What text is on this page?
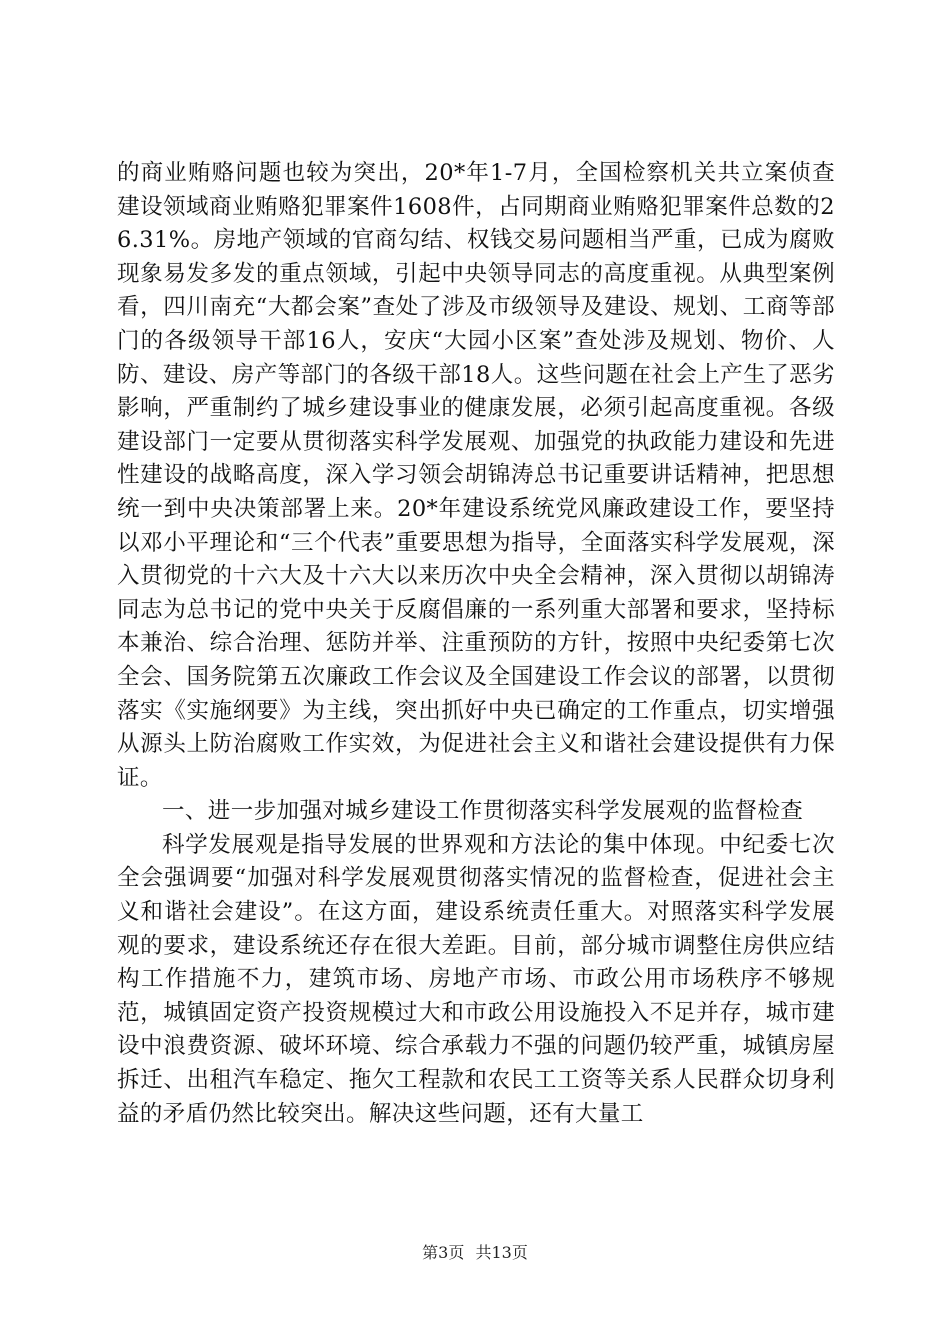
的商业贿赂问题也较为突出，20*年1-7月，全国检察机关共立案侦查建设领域商业贿赂犯罪案件1608件，占同期商业贿赂犯罪案件总数的26.31%。房地产领域的官商勾结、权钱交易问题相当严重，已成为腐败现象易发多发的重点领域，引起中央领导同志的高度重视。从典型案例看，四川南充“大都会案”查处了涉及市级领导及建设、规划、工商等部门的各级领导干部16人，安庆“大园小区案”查处涉及规划、物价、人防、建设、房产等部门的各级干部18人。这些问题在社会上产生了恶劣影响，严重制约了城乡建设事业的健康发展，必须引起高度重视。各级建设部门一定要从贯彻落实科学发展观、加强党的执政能力建设和先进性建设的战略高度，深入学习领会胡锦涛总书记重要讲话精神，把思想统一到中央决策部署上来。20*年建设系统党风廉政建设工作，要坚持以邓小平理论和“三个代表”重要思想为指导，全面落实科学发展观，深入贯彻党的十六大及十六大以来历次中央全会精神，深入贯彻以胡锦涛同志为总书记的党中央关于反腐倡廉的一系列重大部署和要求，坚持标本兼治、综合治理、惩防并举、注重预防的方针，按照中央纪委第七次全会、国务院第五次廉政工作会议及全国建设工作会议的部署，以贯彻落实《实施纲要》为主线，突出抓好中央已确定的工作重点，切实增强从源头上防治腐败工作实效，为促进社会主义和谐社会建设提供有力保证。

一、进一步加强对城乡建设工作贯彻落实科学发展观的监督检查

科学发展观是指导发展的世界观和方法论的集中体现。中纪委七次全会强调要“加强对科学发展观贯彻落实情况的监督检查，促进社会主义和谐社会建设”。在这方面，建设系统责任重大。对照落实科学发展观的要求，建设系统还存在很大差距。目前，部分城市调整住房供应结构工作措施不力，建筑市场、房地产市场、市政公用市场秩序不够规范，城镇固定资产投资规模过大和市政公用设施投入不足并存，城市建设中浪费资源、破坏环境、综合承载力不强的问题仍较严重，城镇房屋拆迁、出租汽车稳定、拖欠工程款和农民工工资等关系人民群众切身利益的矛盾仍然比较突出。解决这些问题，还有大量工

第3页 共13页
